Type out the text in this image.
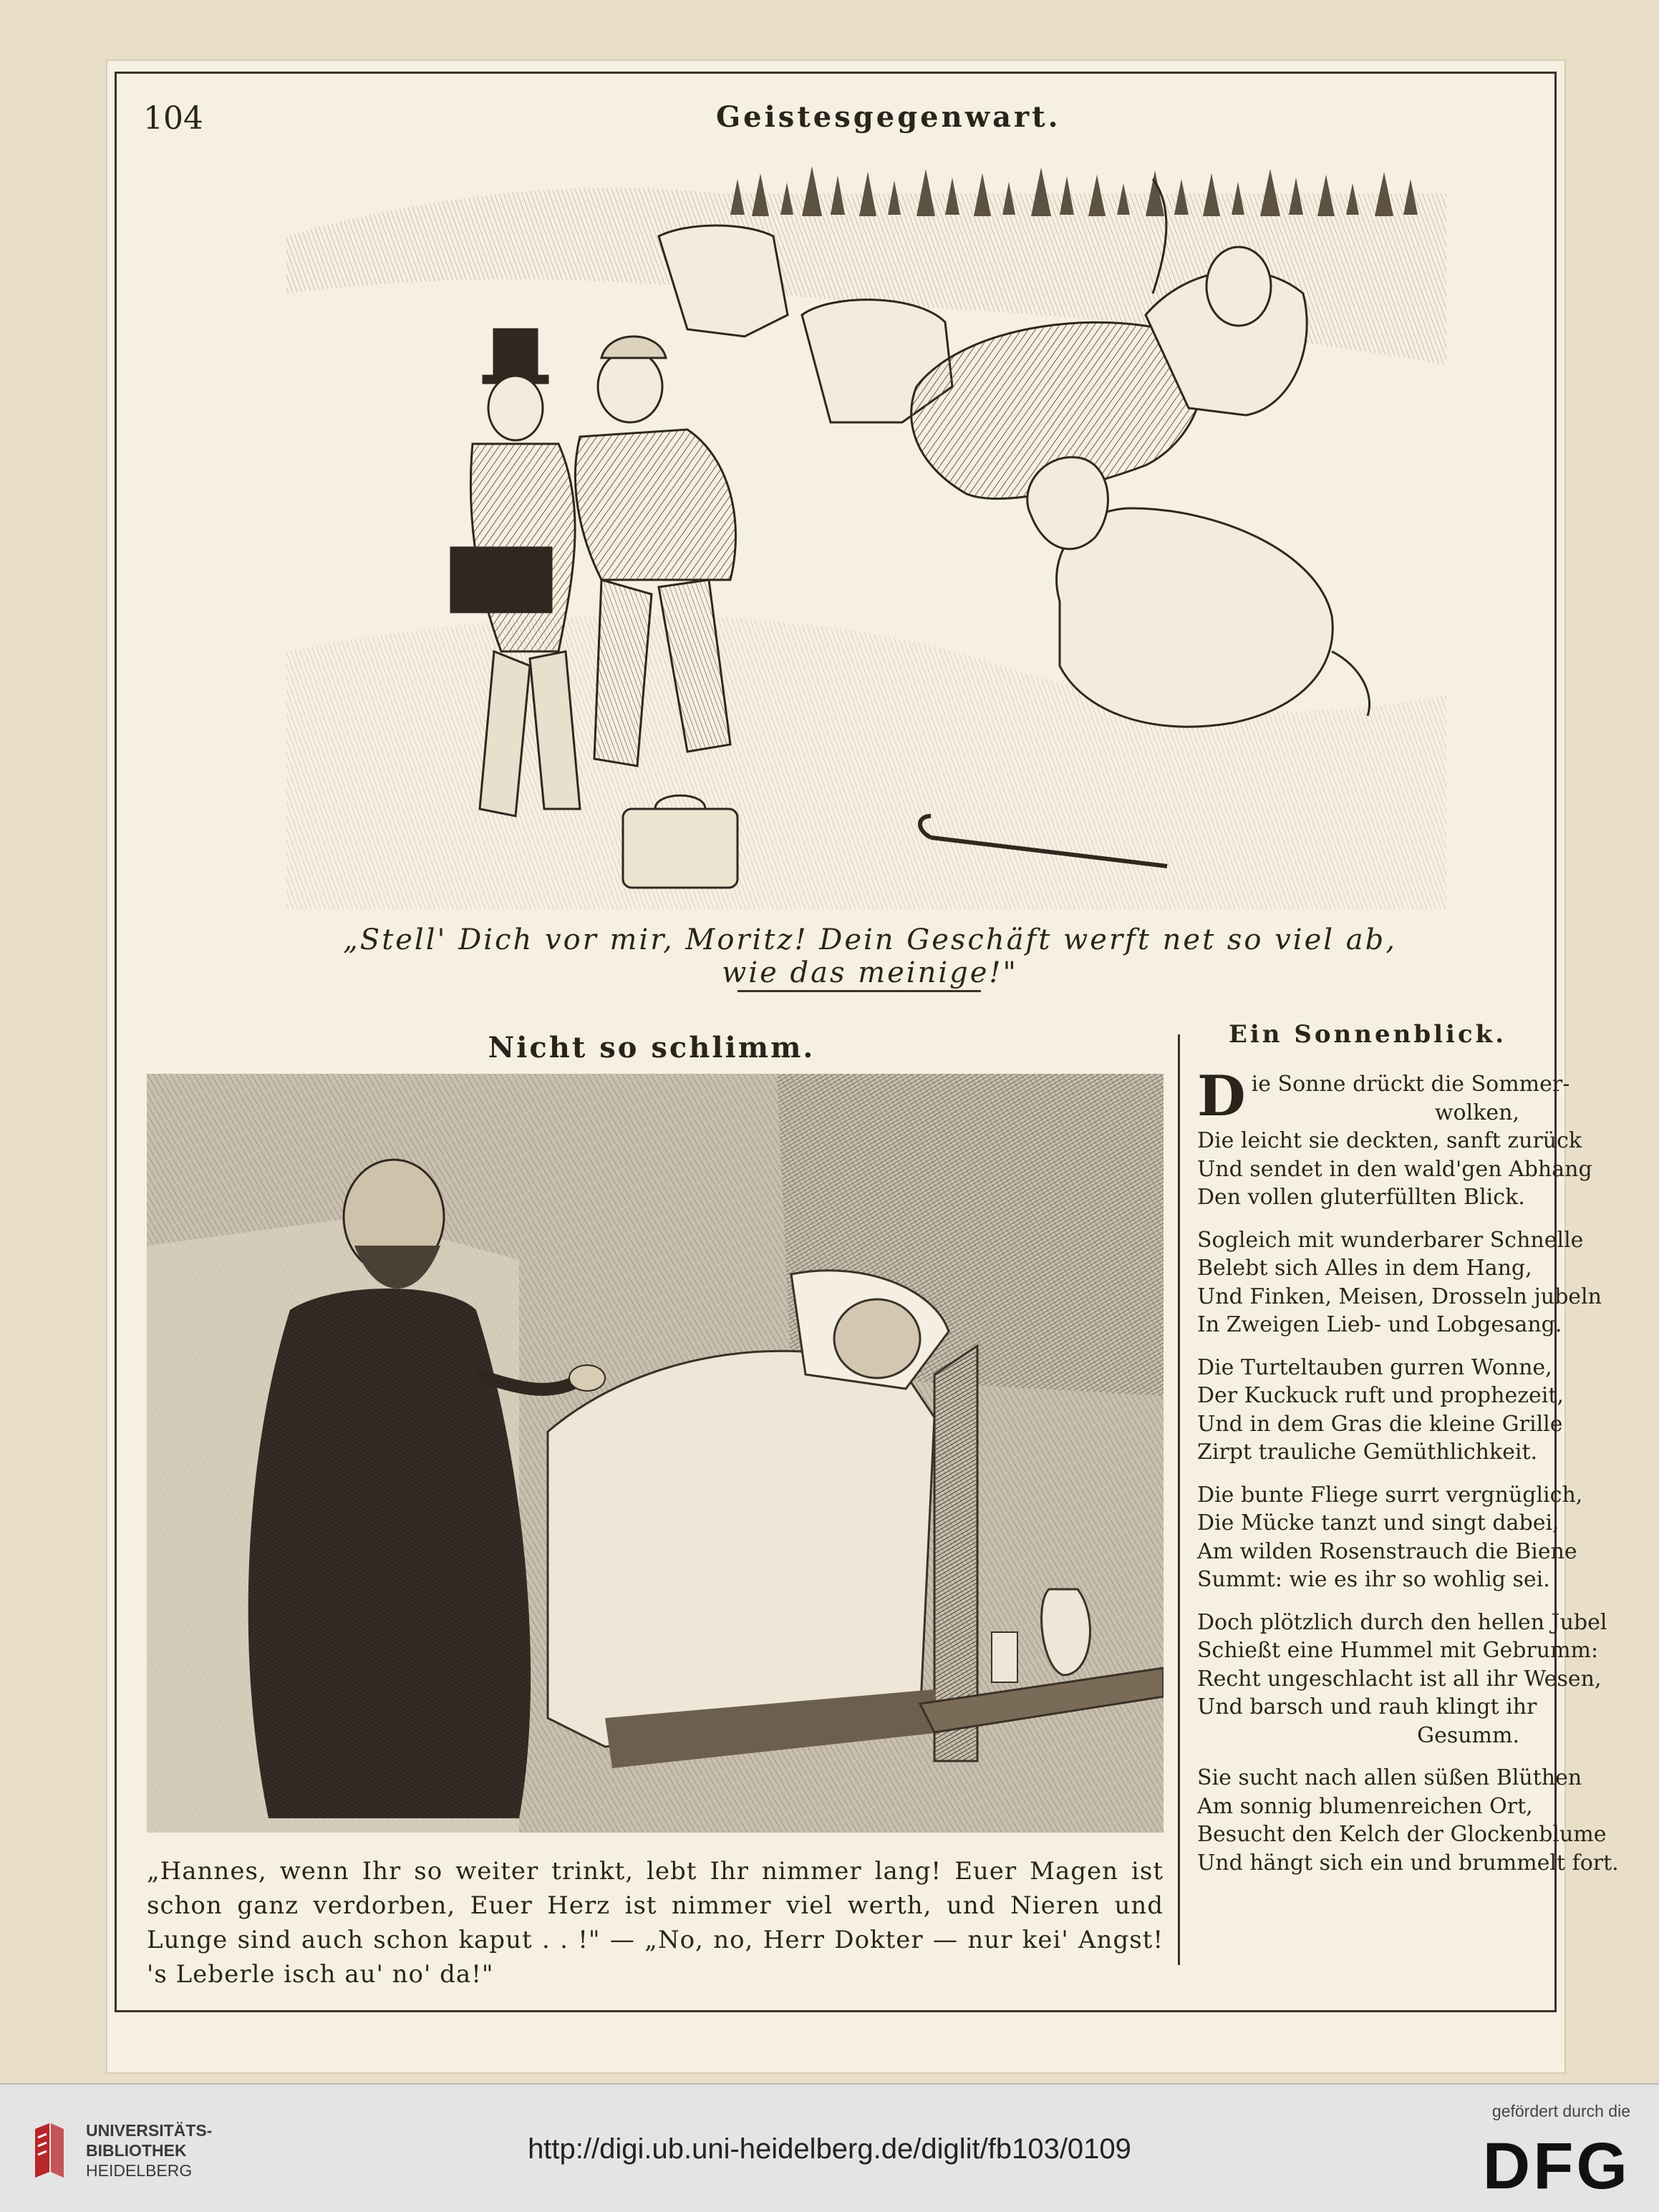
104	Geistesgegenwart.
„Stell' Dich vor mir, Moritz! Dein Geschäft werft net so viel ab, wie das meinige!"
Nicht so schlimm.
„Hannes, wenn Ihr so weiter trinkt, lebt Ihr nimmer lang! Euer Magen ist schon ganz verdorben, Euer Herz ist nimmer viel werth, und Nieren und Lunge sind auch schon kaput . . !" — „No, no, Herr Dokter — nur kei' Angst! 's Leberle isch au' no' da!"
Ein Sonnenblick.
D ie Sonne drückt die Sommer-
wolken,
Die leicht sie deckten, sanft zurück
Und sendet in den wald'gen Abhang
Den vollen gluterfüllten Blick.
Sogleich mit wunderbarer Schnelle
Belebt sich Alles in dem Hang,
Und Finken, Meisen, Drosseln jubeln
In Zweigen Lieb- und Lobgesang.
Die Turteltauben gurren Wonne,
Der Kuckuck ruft und prophezeit,
Und in dem Gras die kleine Grille
Zirpt trauliche Gemüthlichkeit.
Die bunte Fliege surrt vergnüglich,
Die Mücke tanzt und singt dabei,
Am wilden Rosenstrauch die Biene
Summt: wie es ihr so wohlig sei.
Doch plötzlich durch den hellen Jubel
Schießt eine Hummel mit Gebrumm:
Recht ungeschlacht ist all ihr Wesen,
Und barsch und rauh klingt ihr
Gesumm.
Sie sucht nach allen süßen Blüthen
Am sonnig blumenreichen Ort,
Besucht den Kelch der Glockenblume
Und hängt sich ein und brummelt fort.
UNIVERSITÄTS-
BIBLIOTHEK
HEIDELBERG
http://digi.ub.uni-heidelberg.de/diglit/fb103/0109
gefördert durch die
DFG
